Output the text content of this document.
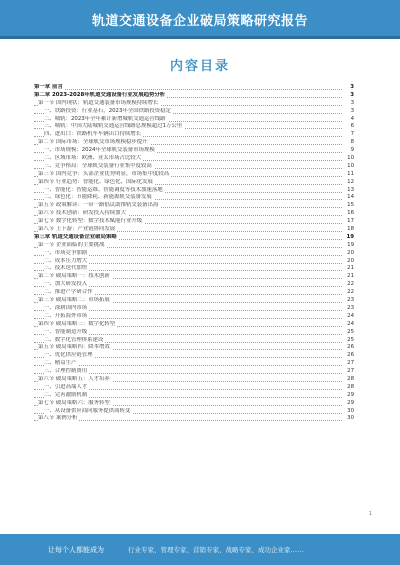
轨道交通设备企业破局策略研究报告
内容目录
第一章 前言	3
第二章 2023-2028年轨道交通设备行业发展趋势分析	3
第一节 国内现状：轨道交通装备市场规模持续增长	3
一、铁路投资：行业基石，2023年全国铁路投资稳定	3
二、城轨：2023年全年累计新增城轨交通运营线路	4
三、城轨：中国大陆城轨交通运营线路总规模超过1万公里	6
四、进出口：铁路机车车辆出口持续增长	7
第二节 国际市场：全球轨交市场规模稳步提升	8
一、市场规模：2024年全球轨交装备市场规模	9
二、区域市场：欧洲、亚太市场占比较大	10
三、竞争格局：全球轨交装备行业集中度较高	10
第三节 国内竞争：头部企业优势明显，市场集中度较高	11
第四节 行业趋势：智能化、绿色化、国际化发展	12
一、智能化：智能运维、智能调度等技术加速落地	13
二、绿色化：节能降耗、新能源轨交装备发展	14
第五节 政策解读：一带一路倡议助推轨交装备出海	15
第六节 技术创新：研发投入持续加大	16
第七节 数字化转型：数字技术赋能行业升级	17
第八节 上下游：产业链协同发展	18
第三章 轨道交通设备企业破局策略	19
第一节 企业面临的主要挑战	19
一、市场竞争加剧	20
二、成本压力增大	20
三、技术迭代加快	21
第二节 破局策略一：技术创新	21
一、加大研发投入	22
二、推进产学研合作	22
第三节 破局策略二：市场拓展	23
一、深耕国内市场	23
二、开拓海外市场	24
第四节 破局策略三：数字化转型	24
一、智能制造升级	25
二、数字化管理体系建设	25
第五节 破局策略四：降本增效	26
一、优化供应链管理	26
二、精益生产	27
三、合理控制费用	27
第六节 破局策略五：人才培养	28
一、引进高端人才	28
二、完善激励机制	29
第七节 破局策略六：服务转型	29
一、从设备供应商向服务提供商转变	30
第八节 案例分析	30
1
让每个人都能成为	行业专家、管理专家、营销专家、战略专家、成功企业家……
